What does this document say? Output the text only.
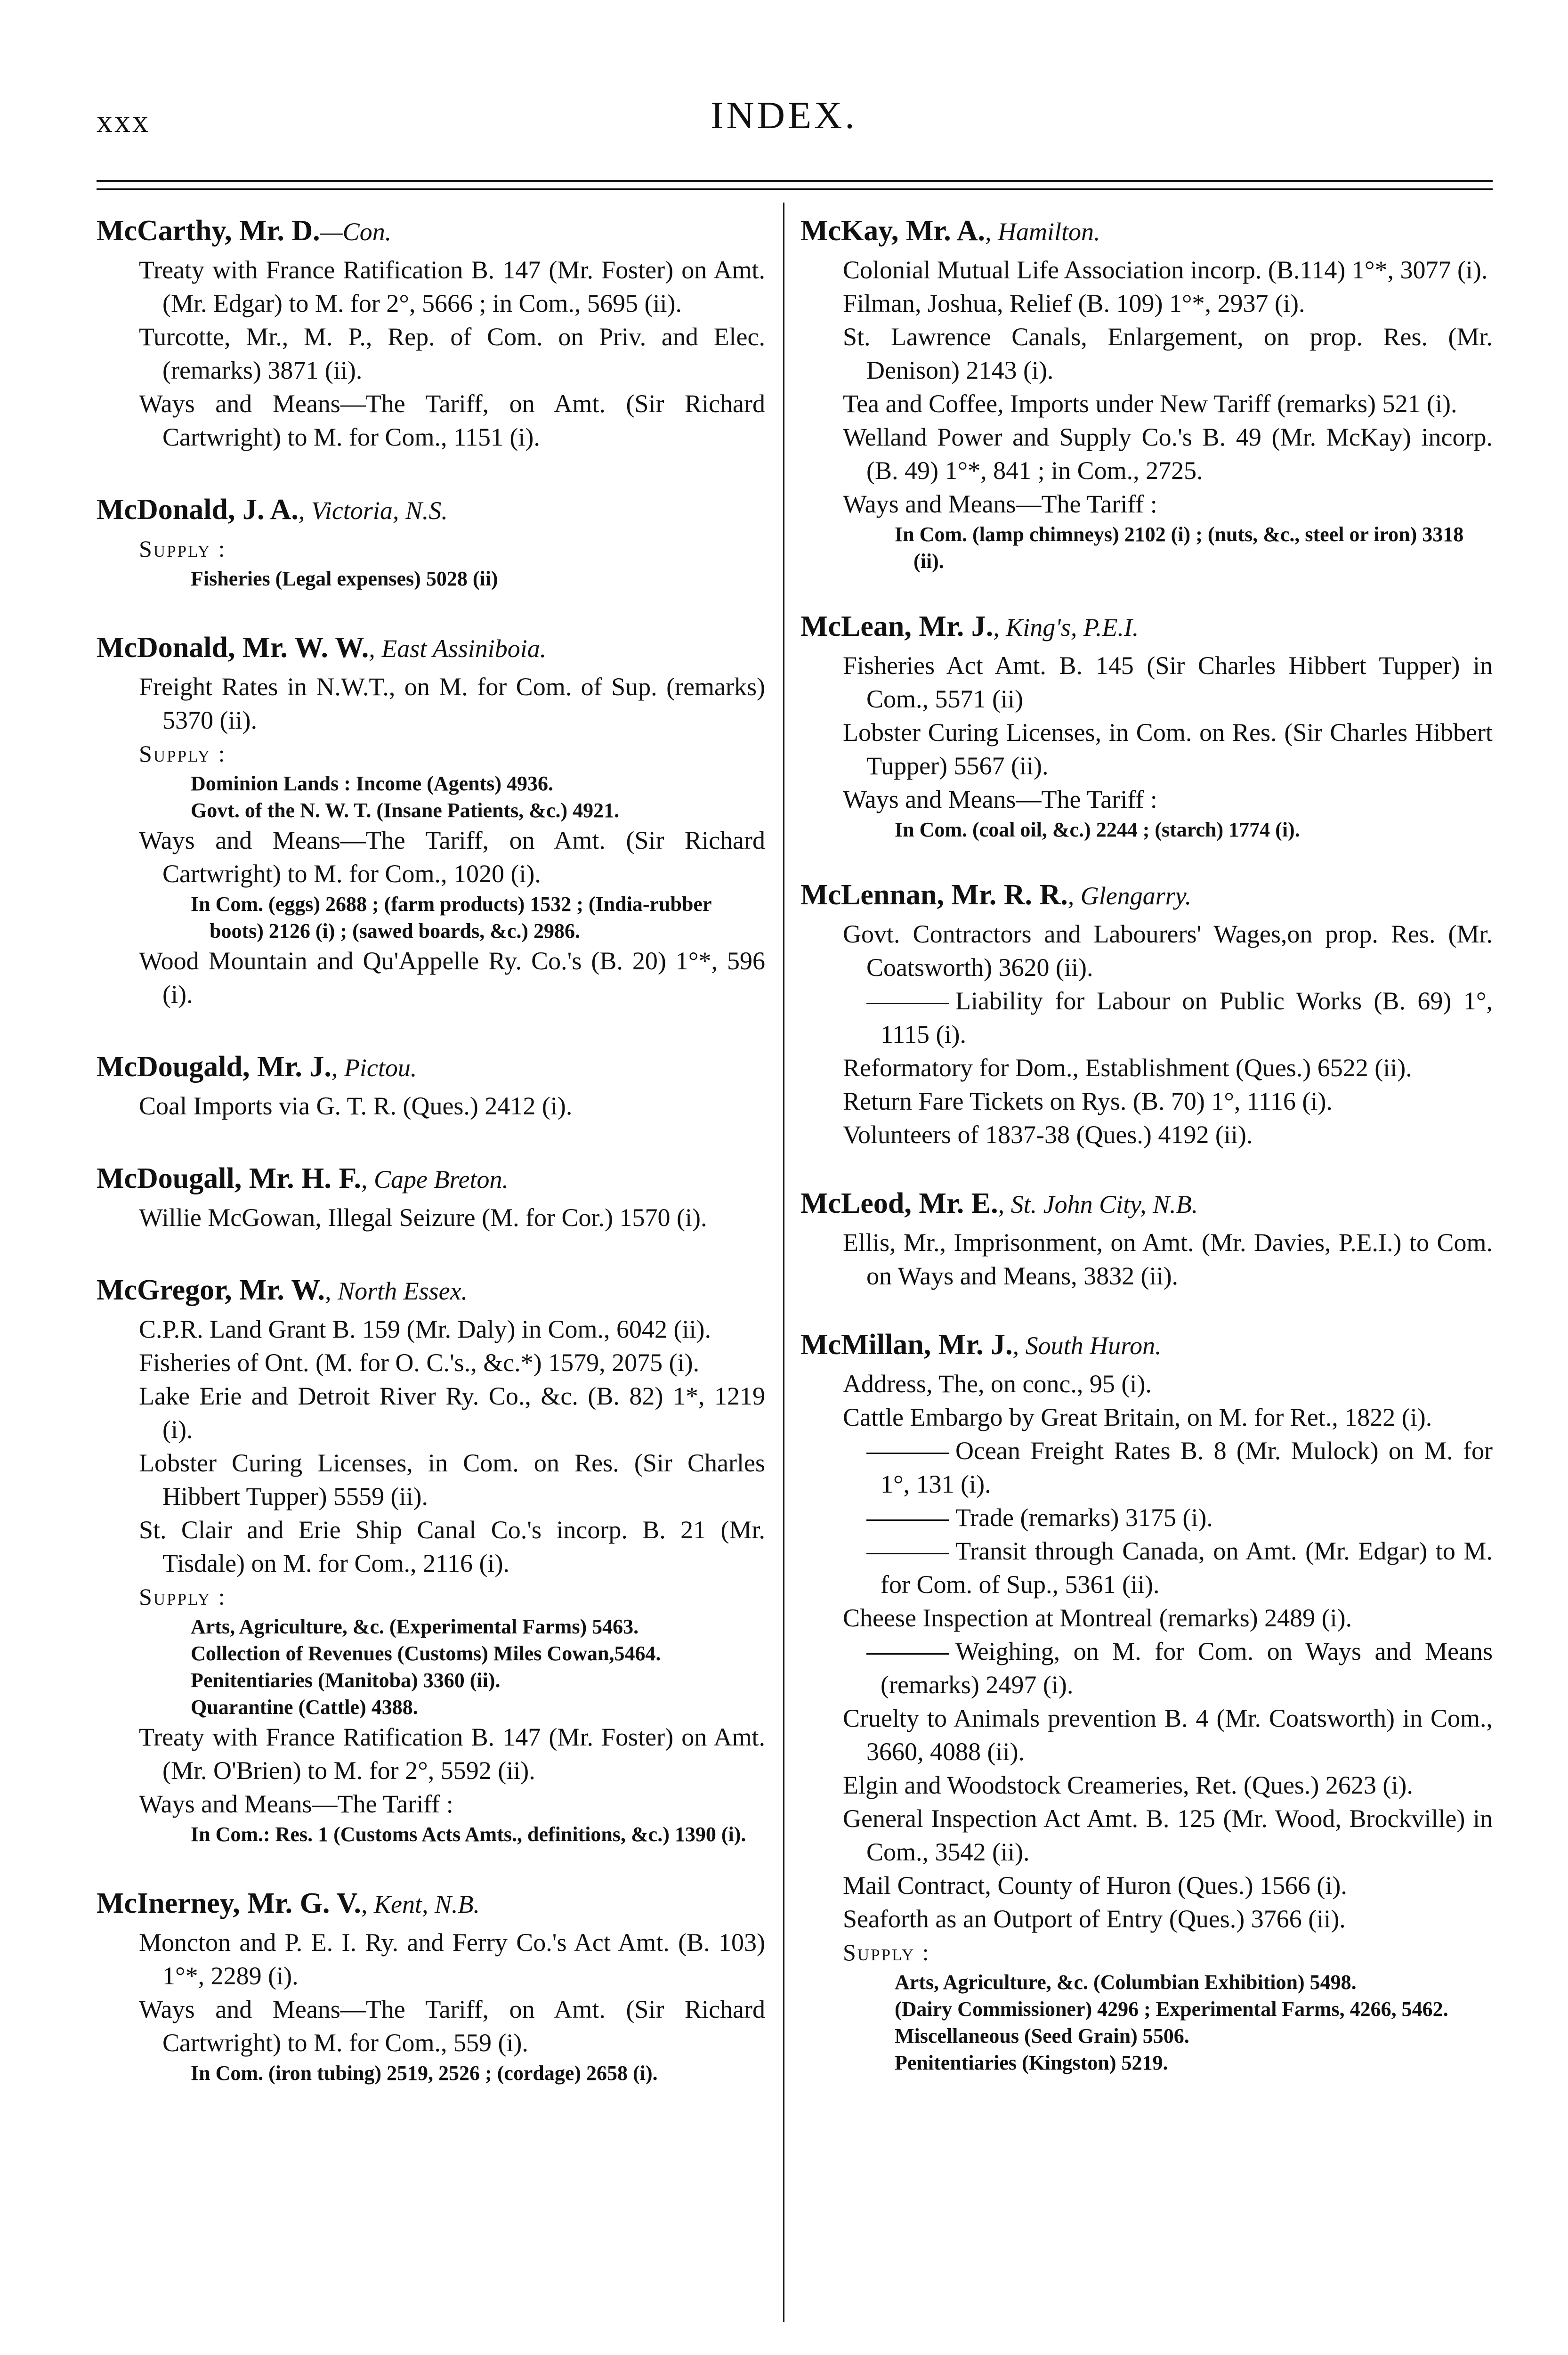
xxx	INDEX.
McCarthy, Mr. D.—Con.
Treaty with France Ratification B. 147 (Mr. Foster) on Amt. (Mr. Edgar) to M. for 2°, 5666 ; in Com., 5695 (ii).
Turcotte, Mr., M. P., Rep. of Com. on Priv. and Elec. (remarks) 3871 (ii).
Ways and Means—The Tariff, on Amt. (Sir Richard Cartwright) to M. for Com., 1151 (i).
McDonald, J. A., Victoria, N.S.
Supply :
Fisheries (Legal expenses) 5028 (ii)
McDonald, Mr. W. W., East Assiniboia.
Freight Rates in N.W.T., on M. for Com. of Sup. (remarks) 5370 (ii).
Supply :
Dominion Lands : Income (Agents) 4936.
Govt. of the N. W. T. (Insane Patients, &c.) 4921.
Ways and Means—The Tariff, on Amt. (Sir Richard Cartwright) to M. for Com., 1020 (i).
In Com. (eggs) 2688 ; (farm products) 1532 ; (India-rubber boots) 2126 (i) ; (sawed boards, &c.) 2986.
Wood Mountain and Qu'Appelle Ry. Co.'s (B. 20) 1°*, 596 (i).
McDougald, Mr. J., Pictou.
Coal Imports via G. T. R. (Ques.) 2412 (i).
McDougall, Mr. H. F., Cape Breton.
Willie McGowan, Illegal Seizure (M. for Cor.) 1570 (i).
McGregor, Mr. W., North Essex.
C.P.R. Land Grant B. 159 (Mr. Daly) in Com., 6042 (ii).
Fisheries of Ont. (M. for O. C.'s., &c.*) 1579, 2075 (i).
Lake Erie and Detroit River Ry. Co., &c. (B. 82) 1*, 1219 (i).
Lobster Curing Licenses, in Com. on Res. (Sir Charles Hibbert Tupper) 5559 (ii).
St. Clair and Erie Ship Canal Co.'s incorp. B. 21 (Mr. Tisdale) on M. for Com., 2116 (i).
Supply :
Arts, Agriculture, &c. (Experimental Farms) 5463.
Collection of Revenues (Customs) Miles Cowan,5464.
Penitentiaries (Manitoba) 3360 (ii).
Quarantine (Cattle) 4388.
Treaty with France Ratification B. 147 (Mr. Foster) on Amt. (Mr. O'Brien) to M. for 2°, 5592 (ii).
Ways and Means—The Tariff :
In Com.: Res. 1 (Customs Acts Amts., definitions, &c.) 1390 (i).
McInerney, Mr. G. V., Kent, N.B.
Moncton and P. E. I. Ry. and Ferry Co.'s Act Amt. (B. 103) 1°*, 2289 (i).
Ways and Means—The Tariff, on Amt. (Sir Richard Cartwright) to M. for Com., 559 (i).
In Com. (iron tubing) 2519, 2526 ; (cordage) 2658 (i).
McKay, Mr. A., Hamilton.
Colonial Mutual Life Association incorp. (B.114) 1°*, 3077 (i).
Filman, Joshua, Relief (B. 109) 1°*, 2937 (i).
St. Lawrence Canals, Enlargement, on prop. Res. (Mr. Denison) 2143 (i).
Tea and Coffee, Imports under New Tariff (remarks) 521 (i).
Welland Power and Supply Co.'s B. 49 (Mr. McKay) incorp. (B. 49) 1°*, 841 ; in Com., 2725.
Ways and Means—The Tariff :
In Com. (lamp chimneys) 2102 (i) ; (nuts, &c., steel or iron) 3318 (ii).
McLean, Mr. J., King's, P.E.I.
Fisheries Act Amt. B. 145 (Sir Charles Hibbert Tupper) in Com., 5571 (ii)
Lobster Curing Licenses, in Com. on Res. (Sir Charles Hibbert Tupper) 5567 (ii).
Ways and Means—The Tariff :
In Com. (coal oil, &c.) 2244 ; (starch) 1774 (i).
McLennan, Mr. R. R., Glengarry.
Govt. Contractors and Labourers' Wages,on prop. Res. (Mr. Coatsworth) 3620 (ii).
Liability for Labour on Public Works (B. 69) 1°, 1115 (i).
Reformatory for Dom., Establishment (Ques.) 6522 (ii).
Return Fare Tickets on Rys. (B. 70) 1°, 1116 (i).
Volunteers of 1837-38 (Ques.) 4192 (ii).
McLeod, Mr. E., St. John City, N.B.
Ellis, Mr., Imprisonment, on Amt. (Mr. Davies, P.E.I.) to Com. on Ways and Means, 3832 (ii).
McMillan, Mr. J., South Huron.
Address, The, on conc., 95 (i).
Cattle Embargo by Great Britain, on M. for Ret., 1822 (i).
Ocean Freight Rates B. 8 (Mr. Mulock) on M. for 1°, 131 (i).
Trade (remarks) 3175 (i).
Transit through Canada, on Amt. (Mr. Edgar) to M. for Com. of Sup., 5361 (ii).
Cheese Inspection at Montreal (remarks) 2489 (i).
Weighing, on M. for Com. on Ways and Means (remarks) 2497 (i).
Cruelty to Animals prevention B. 4 (Mr. Coatsworth) in Com., 3660, 4088 (ii).
Elgin and Woodstock Creameries, Ret. (Ques.) 2623 (i).
General Inspection Act Amt. B. 125 (Mr. Wood, Brockville) in Com., 3542 (ii).
Mail Contract, County of Huron (Ques.) 1566 (i).
Seaforth as an Outport of Entry (Ques.) 3766 (ii).
Supply :
Arts, Agriculture, &c. (Columbian Exhibition) 5498.
(Dairy Commissioner) 4296 ; Experimental Farms, 4266, 5462.
Miscellaneous (Seed Grain) 5506.
Penitentiaries (Kingston) 5219.
